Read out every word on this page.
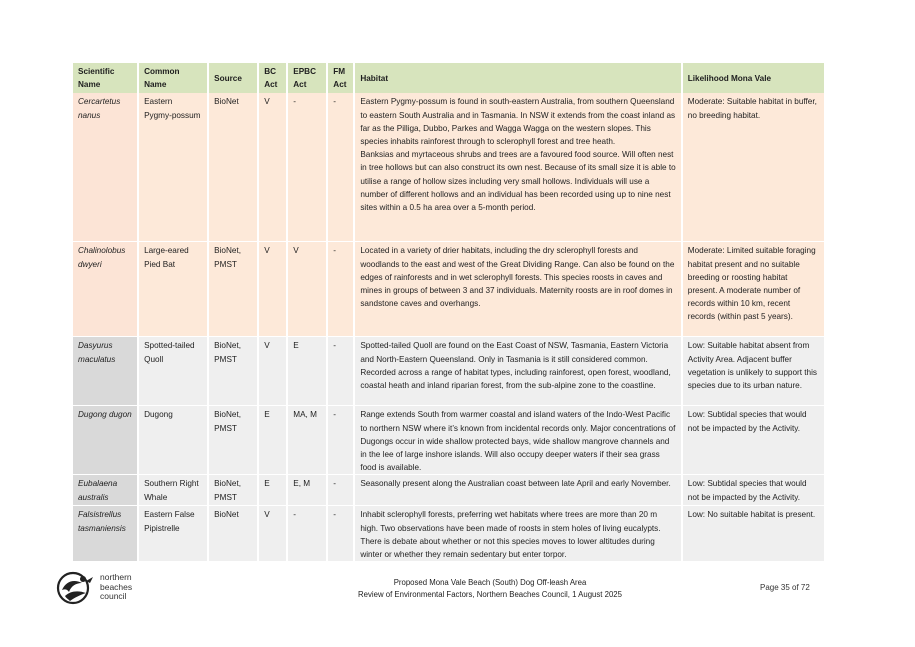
Scientific Name	Common Name	Source	BC Act	EPBC Act	FM Act	Habitat	Likelihood Mona Vale
Cercartetus nanus	Eastern Pygmy-possum	BioNet	V	-	-	Eastern Pygmy-possum is found in south-eastern Australia, from southern Queensland to eastern South Australia and in Tasmania. In NSW it extends from the coast inland as far as the Pilliga, Dubbo, Parkes and Wagga Wagga on the western slopes. This species inhabits rainforest through to sclerophyll forest and tree heath.
Banksias and myrtaceous shrubs and trees are a favoured food source. Will often nest in tree hollows but can also construct its own nest. Because of its small size it is able to utilise a range of hollow sizes including very small hollows. Individuals will use a number of different hollows and an individual has been recorded using up to nine nest sites within a 0.5 ha area over a 5-month period.	Moderate: Suitable habitat in buffer, no breeding habitat.
Chalinolobus dwyeri	Large-eared Pied Bat	BioNet, PMST	V	V	-	Located in a variety of drier habitats, including the dry sclerophyll forests and woodlands to the east and west of the Great Dividing Range. Can also be found on the edges of rainforests and in wet sclerophyll forests. This species roosts in caves and mines in groups of between 3 and 37 individuals. Maternity roosts are in roof domes in sandstone caves and overhangs.	Moderate: Limited suitable foraging habitat present and no suitable breeding or roosting habitat present. A moderate number of records within 10 km, recent records (within past 5 years).
Dasyurus maculatus	Spotted-tailed Quoll	BioNet, PMST	V	E	-	Spotted-tailed Quoll are found on the East Coast of NSW, Tasmania, Eastern Victoria and North-Eastern Queensland. Only in Tasmania is it still considered common. Recorded across a range of habitat types, including rainforest, open forest, woodland, coastal heath and inland riparian forest, from the sub-alpine zone to the coastline.	Low: Suitable habitat absent from Activity Area. Adjacent buffer vegetation is unlikely to support this species due to its urban nature.
Dugong dugon	Dugong	BioNet, PMST	E	MA, M	-	Range extends South from warmer coastal and island waters of the Indo-West Pacific to northern NSW where it’s known from incidental records only. Major concentrations of Dugongs occur in wide shallow protected bays, wide shallow mangrove channels and in the lee of large inshore islands. Will also occupy deeper waters if their sea grass food is available.	Low: Subtidal species that would not be impacted by the Activity.
Eubalaena australis	Southern Right Whale	BioNet, PMST	E	E, M	-	Seasonally present along the Australian coast between late April and early November.	Low: Subtidal species that would not be impacted by the Activity.
Falsistrellus tasmaniensis	Eastern False Pipistrelle	BioNet	V	-	-	Inhabit sclerophyll forests, preferring wet habitats where trees are more than 20 m high. Two observations have been made of roosts in stem holes of living eucalypts. There is debate about whether or not this species moves to lower altitudes during winter or whether they remain sedentary but enter torpor.	Low: No suitable habitat is present.
northern
beaches
council
Proposed Mona Vale Beach (South) Dog Off-leash Area
Review of Environmental Factors, Northern Beaches Council, 1 August 2025
Page 35 of 72
